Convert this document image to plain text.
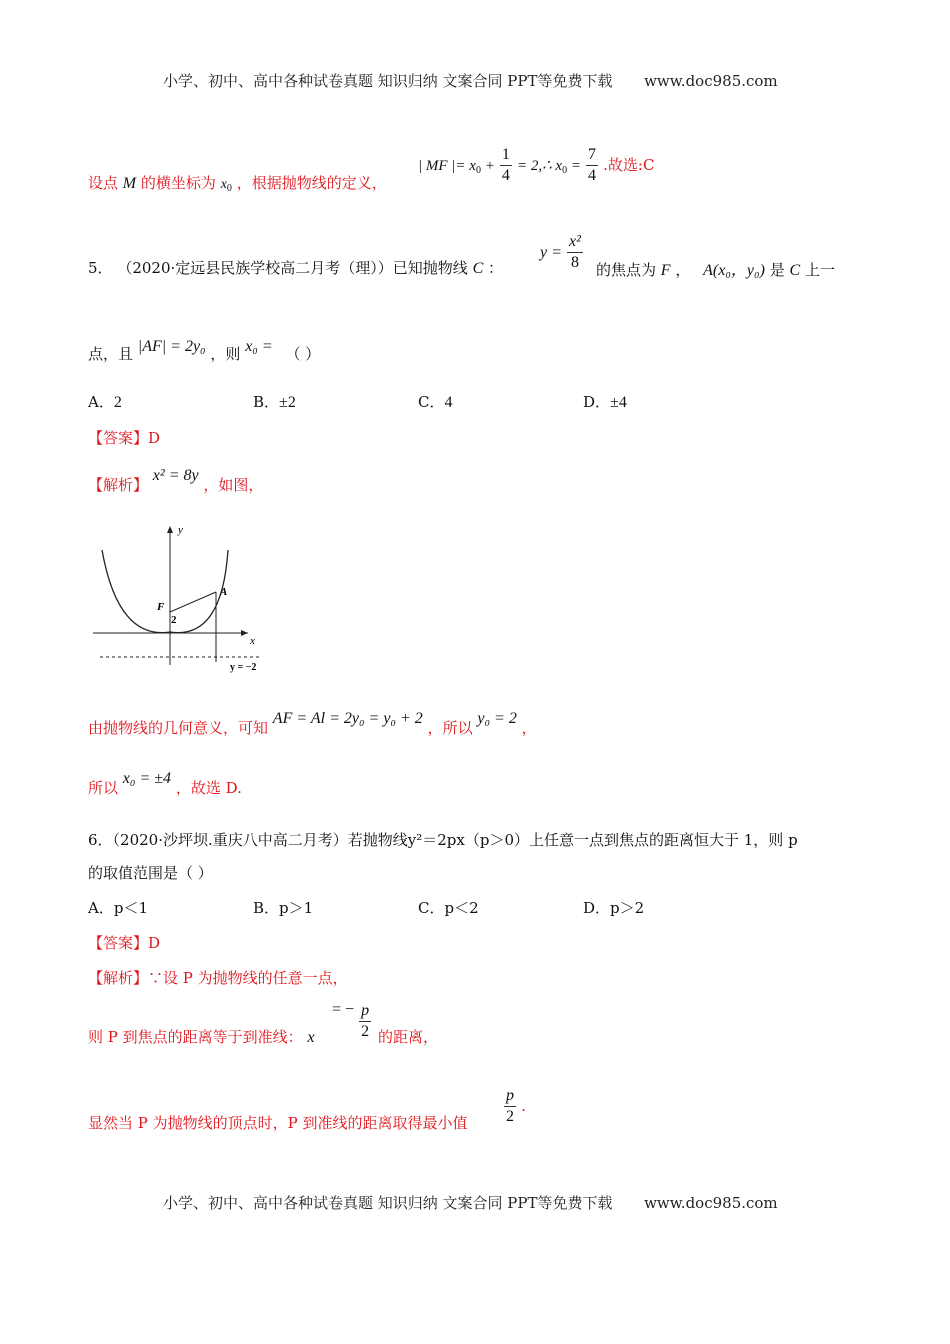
小学、初中、高中各种试卷真题 知识归纳 文案合同 PPT等免费下载 www.doc985.com
设点 M 的横坐标为 $x_0$ ，根据抛物线的定义，
| MF |= $x_0 + \frac{1}{4}$ = 2,∴ $x_0 = \frac{7}{4}$ .故选:C
5． （2020·定远县民族学校高二月考（理））已知抛物线 C ：
$y = \frac{\text{x²}}{8}$ 的焦点为 F ， A(x₀，y₀) 是 C 上一
点，且 |AF| = 2y₀ ，则 x₀ = （ ）
A．2	B．±2	C．4	D．±4
【答案】D
【解析】 x² = 8y ，如图，
y
x
F
A
2
y = −2
由抛物线的几何意义，可知 AF = Al = 2y₀ = y₀ + 2 ，所以 y₀ = 2 ，
所以 x₀ = ±4 ，故选 D.
6．（2020·沙坪坝.重庆八中高二月考）若抛物线y²＝2px（p＞0）上任意一点到焦点的距离恒大于 1，则 p
的取值范围是（ ）
A．p＜1	B．p＞1	C．p＜2	D．p＞2
【答案】D
【解析】∵设 P 为抛物线的任意一点，
则 P 到焦点的距离等于到准线： x
= − $\frac{p}{2}$ 的距离，
显然当 P 为抛物线的顶点时，P 到准线的距离取得最小值 $\frac{p}{2}$ .
小学、初中、高中各种试卷真题 知识归纳 文案合同 PPT等免费下载 www.doc985.com
